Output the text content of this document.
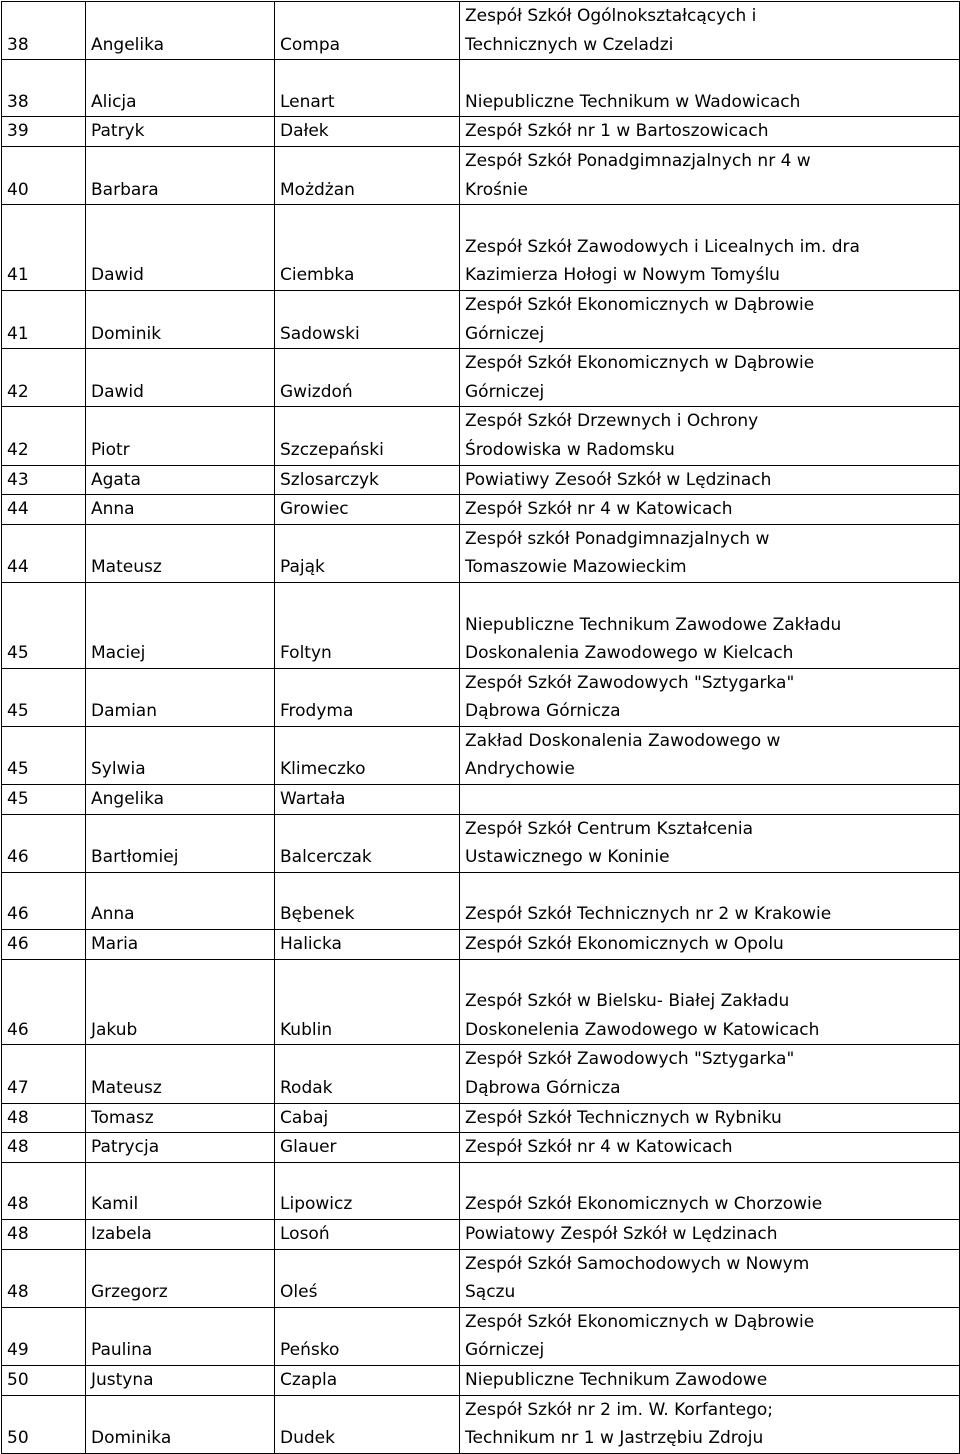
38	Angelika	Compa	Zespół Szkół Ogólnokształcących i
Technicznych w Czeladzi
38	Alicja	Lenart	Niepubliczne Technikum w Wadowicach
39	Patryk	Dałek	Zespół Szkół nr 1 w Bartoszowicach
40	Barbara	Możdżan	Zespół Szkół Ponadgimnazjalnych nr 4 w
Krośnie
41	Dawid	Ciembka	Zespół Szkół Zawodowych i Licealnych im. dra
Kazimierza Hołogi w Nowym Tomyślu
41	Dominik	Sadowski	Zespół Szkół Ekonomicznych w Dąbrowie
Górniczej
42	Dawid	Gwizdoń	Zespół Szkół Ekonomicznych w Dąbrowie
Górniczej
42	Piotr	Szczepański	Zespół Szkół Drzewnych i Ochrony
Środowiska w Radomsku
43	Agata	Szlosarczyk	Powiatiwy Zesoół Szkół w Lędzinach
44	Anna	Growiec	Zespół Szkół nr 4 w Katowicach
44	Mateusz	Pająk	Zespół szkół Ponadgimnazjalnych w
Tomaszowie Mazowieckim
45	Maciej	Foltyn	Niepubliczne Technikum Zawodowe Zakładu
Doskonalenia Zawodowego w Kielcach
45	Damian	Frodyma	Zespół Szkół Zawodowych "Sztygarka"
Dąbrowa Górnicza
45	Sylwia	Klimeczko	Zakład Doskonalenia Zawodowego w
Andrychowie
45	Angelika	Wartała	
46	Bartłomiej	Balcerczak	Zespół Szkół Centrum Kształcenia
Ustawicznego w Koninie
46	Anna	Bębenek	Zespół Szkół Technicznych nr 2 w Krakowie
46	Maria	Halicka	Zespół Szkół Ekonomicznych w Opolu
46	Jakub	Kublin	Zespół Szkół w Bielsku- Białej Zakładu
Doskonelenia Zawodowego w Katowicach
47	Mateusz	Rodak	Zespół Szkół Zawodowych "Sztygarka"
Dąbrowa Górnicza
48	Tomasz	Cabaj	Zespół Szkół Technicznych w Rybniku
48	Patrycja	Glauer	Zespół Szkół nr 4 w Katowicach
48	Kamil	Lipowicz	Zespół Szkół Ekonomicznych w Chorzowie
48	Izabela	Losoń	Powiatowy Zespół Szkół w Lędzinach
48	Grzegorz	Oleś	Zespół Szkół Samochodowych w Nowym
Sączu
49	Paulina	Peńsko	Zespół Szkół Ekonomicznych w Dąbrowie
Górniczej
50	Justyna	Czapla	Niepubliczne Technikum Zawodowe
50	Dominika	Dudek	Zespół Szkół nr 2 im. W. Korfantego;
Technikum nr 1 w Jastrzębiu Zdroju
